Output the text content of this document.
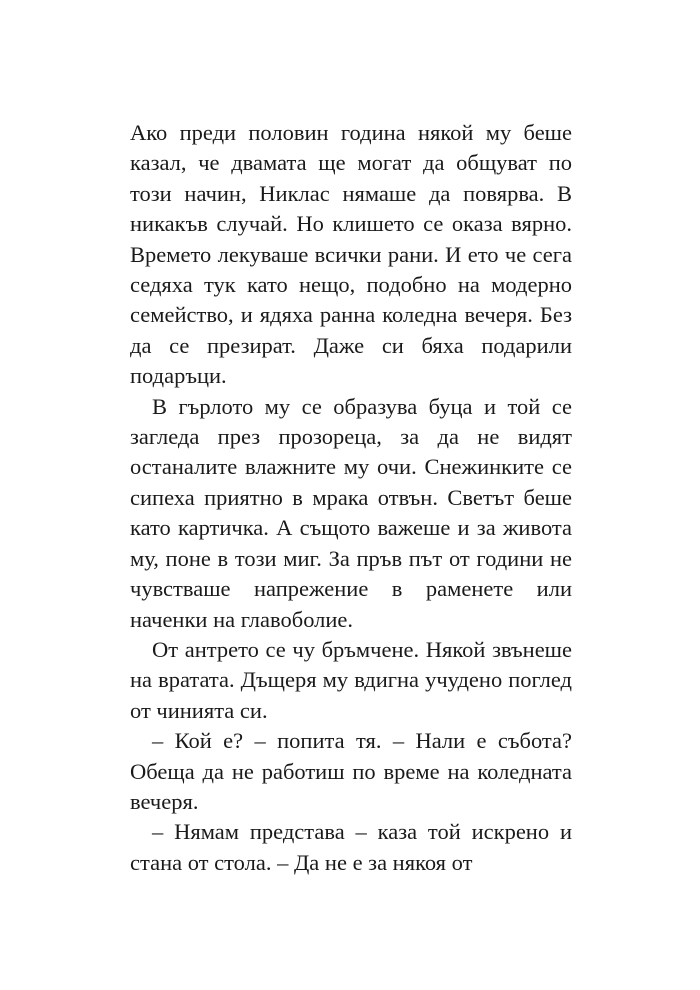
Ако преди половин година някой му беше казал, че двамата ще могат да общуват по този начин, Никлас нямаше да повярва. В никакъв случай. Но клишето се оказа вярно. Времето лекуваше всички рани. И ето че сега седяха тук като нещо, подобно на модерно семейство, и ядяха ранна коледна вечеря. Без да се презират. Даже си бяха подарили подаръци.

В гърлото му се образува буца и той се загледа през прозореца, за да не видят останалите влажните му очи. Снежинките се сипеха приятно в мрака отвън. Светът беше като картичка. А същото важеше и за живота му, поне в този миг. За пръв път от години не чувстваше напрежение в раменете или наченки на главоболие.

От антрето се чу бръмчене. Някой звънеше на вратата. Дъщеря му вдигна учудено поглед от чинията си.

– Кой е? – попита тя. – Нали е събота? Обеща да не работиш по време на коледната вечеря.

– Нямам представа – каза той искрено и стана от стола. – Да не е за някоя от
